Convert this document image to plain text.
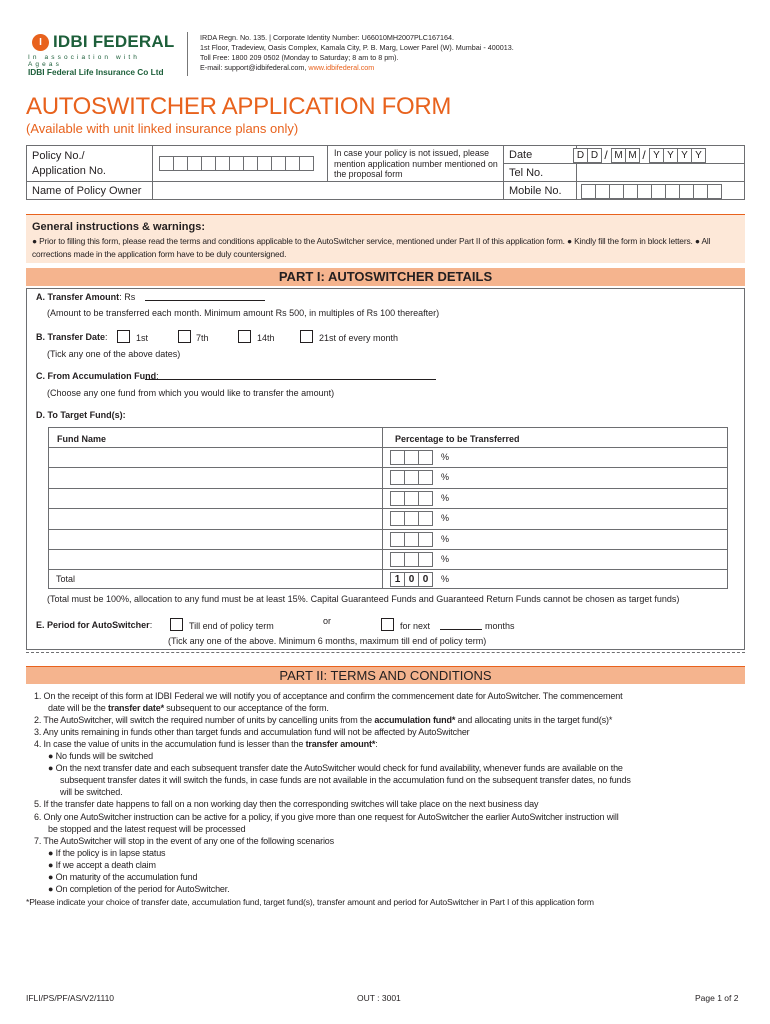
I IDBI FEDERAL
In association with Ageas
IDBI Federal Life Insurance Co Ltd
IRDA Regn. No. 135. | Corporate Identity Number: U66010MH2007PLC167164.
1st Floor, Tradeview, Oasis Complex, Kamala City, P. B. Marg, Lower Parel (W). Mumbai - 400013.
Toll Free: 1800 209 0502 (Monday to Saturday; 8 am to 8 pm).
E-mail: support@idbifederal.com, www.idbifederal.com
AUTOSWITCHER APPLICATION FORM
(Available with unit linked insurance plans only)
Policy No./
Application No.
In case your policy is not issued, please mention application number mentioned on the proposal form
Date	D D / M M / Y Y Y Y
Tel No.
Name of Policy Owner	Mobile No.
General instructions & warnings:
● Prior to filling this form, please read the terms and conditions applicable to the AutoSwitcher service, mentioned under Part II of this application form. ● Kindly fill the form in block letters. ● All corrections made in the application form have to be duly countersigned.
PART I: AUTOSWITCHER DETAILS
A. Transfer Amount: Rs
(Amount to be transferred each month. Minimum amount Rs 500, in multiples of Rs 100 thereafter)
B. Transfer Date:	1st	7th	14th	21st of every month
(Tick any one of the above dates)
C. From Accumulation Fund:
(Choose any one fund from which you would like to transfer the amount)
D. To Target Fund(s):
Fund Name	Percentage to be Transferred
%
%
%
%
%
%
Total	1 0 0	%
(Total must be 100%, allocation to any fund must be at least 15%. Capital Guaranteed Funds and Guaranteed Return Funds cannot be chosen as target funds)
E. Period for AutoSwitcher:	Till end of policy term	or	for next	months
(Tick any one of the above. Minimum 6 months, maximum till end of policy term)
PART II: TERMS AND CONDITIONS
1. On the receipt of this form at IDBI Federal we will notify you of acceptance and confirm the commencement date for AutoSwitcher. The commencement
date will be the transfer date* subsequent to our acceptance of the form.
2. The AutoSwitcher, will switch the required number of units by cancelling units from the accumulation fund* and allocating units in the target fund(s)*
3. Any units remaining in funds other than target funds and accumulation fund will not be affected by AutoSwitcher
4. In case the value of units in the accumulation fund is lesser than the transfer amount*:
● No funds will be switched
● On the next transfer date and each subsequent transfer date the AutoSwitcher would check for fund availability, whenever funds are available on the
subsequent transfer dates it will switch the funds, in case funds are not available in the accumulation fund on the subsequent transfer dates, no funds
will be switched.
5. If the transfer date happens to fall on a non working day then the corresponding switches will take place on the next business day
6. Only one AutoSwitcher instruction can be active for a policy, if you give more than one request for AutoSwitcher the earlier AutoSwitcher instruction will
be stopped and the latest request will be processed
7. The AutoSwitcher will stop in the event of any one of the following scenarios
● If the policy is in lapse status
● If we accept a death claim
● On maturity of the accumulation fund
● On completion of the period for AutoSwitcher.
*Please indicate your choice of transfer date, accumulation fund, target fund(s), transfer amount and period for AutoSwitcher in Part I of this application form
IFLI/PS/PF/AS/V2/1110	OUT : 3001	Page 1 of 2
